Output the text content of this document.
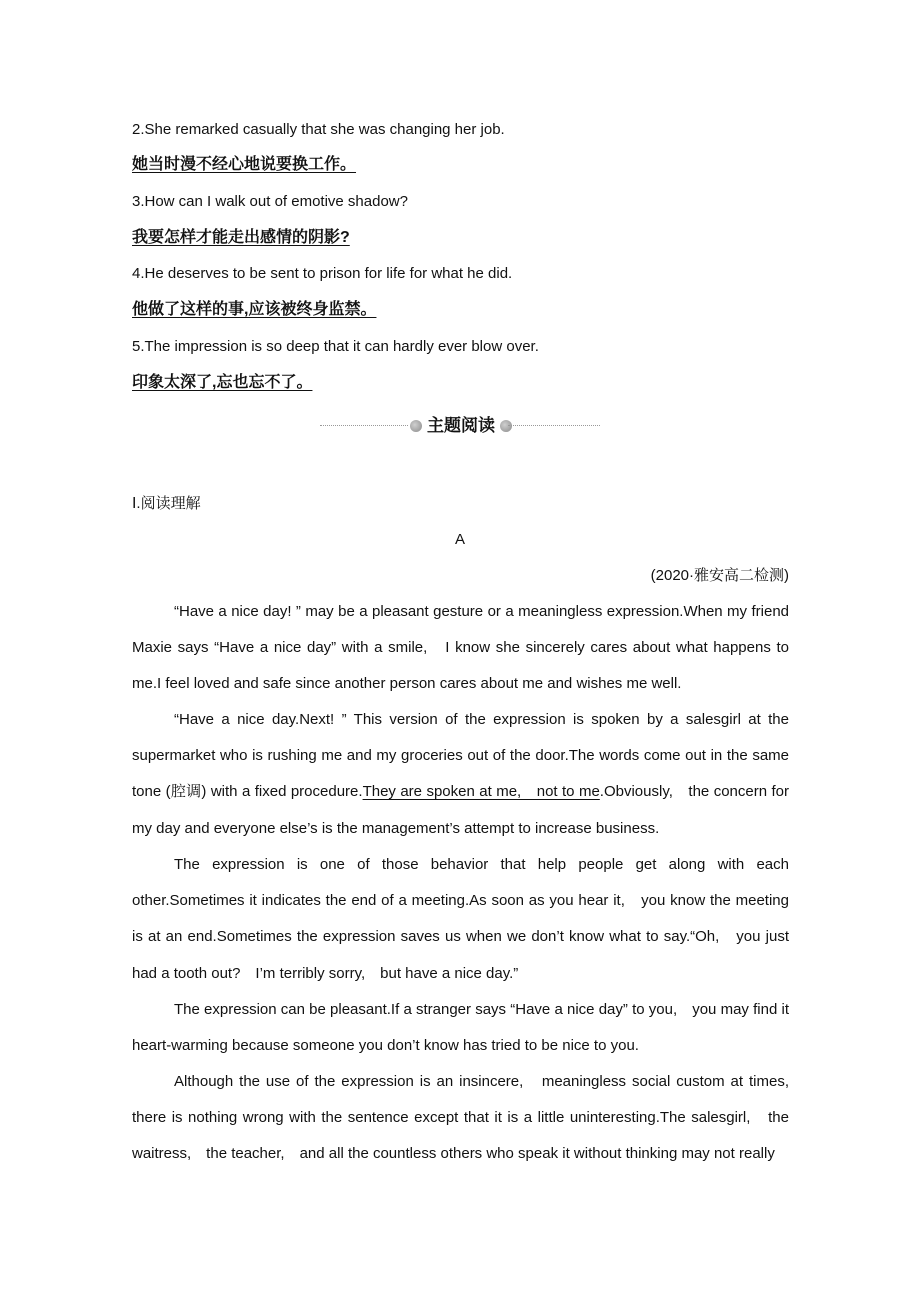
2.She remarked casually that she was changing her job.
她当时漫不经心地说要换工作。
3.How can I walk out of emotive shadow?
我要怎样才能走出感情的阴影?
4.He deserves to be sent to prison for life for what he did.
他做了这样的事,应该被终身监禁。
5.The impression is so deep that it can hardly ever blow over.
印象太深了,忘也忘不了。
主题阅读
Ⅰ.阅读理解
A
(2020·雅安高二检测)

“Have a nice day! ” may be a pleasant gesture or a meaningless expression.When my friend Maxie says “Have a nice day” with a smile,　I know she sincerely cares about what happens to me.I feel loved and safe since another person cares about me and wishes me well.

“Have a nice day.Next! ” This version of the expression is spoken by a salesgirl at the supermarket who is rushing me and my groceries out of the door.The words come out in the same tone (腔调) with a fixed procedure.They are spoken at me,　not to me.Obviously,　the concern for my day and everyone else’s is the management’s attempt to increase business.

The expression is one of those behavior that help people get along with each other.Sometimes it indicates the end of a meeting.As soon as you hear it,　you know the meeting is at an end.Sometimes the expression saves us when we don’t know what to say.“Oh,　you just had a tooth out?　I’m terribly sorry,　but have a nice day.”

The expression can be pleasant.If a stranger says “Have a nice day” to you,　you may find it heart-warming because someone you don’t know has tried to be nice to you.

Although the use of the expression is an insincere,　meaningless social custom at times, there is nothing wrong with the sentence except that it is a little uninteresting.The salesgirl,　the waitress,　the teacher,　and all the countless others who speak it without thinking may not really
